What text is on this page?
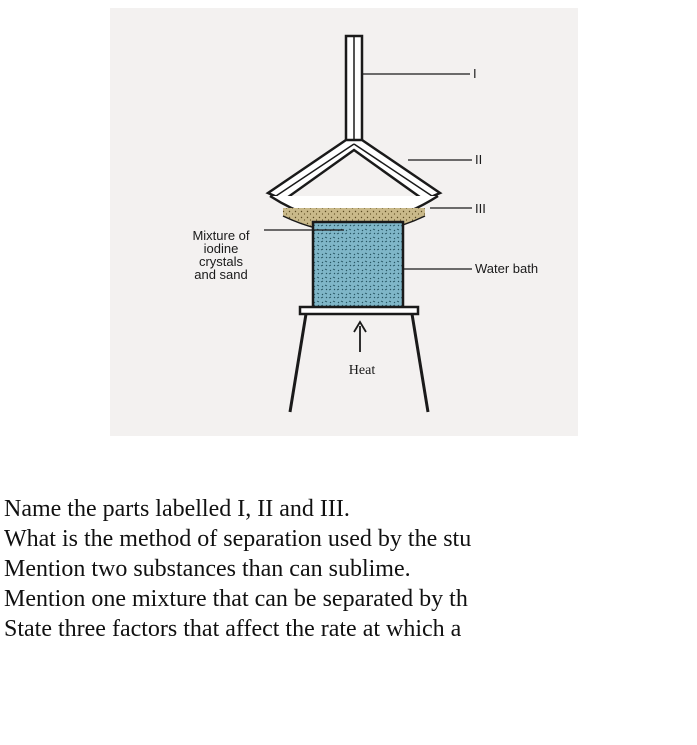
I
II
III
Water bath
Mixture of
iodine
crystals
and sand
Heat
Name the parts labelled I, II and III.
What is the method of separation used by the stu
Mention two substances than can sublime.
Mention one mixture that can be separated by th
State three factors that affect the rate at which a
